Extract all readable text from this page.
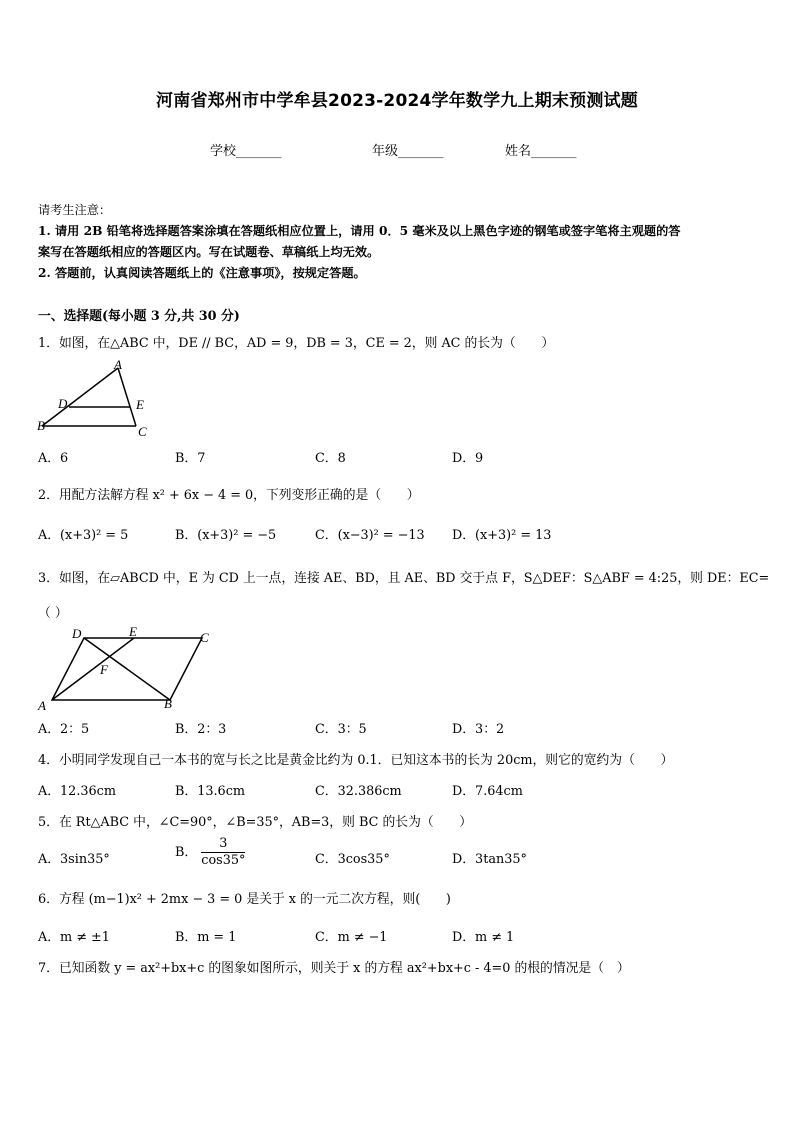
河南省郑州市中学牟县2023-2024学年数学九上期末预测试题
学校_______	年级_______	姓名_______
请考生注意：
1. 请用 2B 铅笔将选择题答案涂填在答题纸相应位置上，请用 0．5 毫米及以上黑色字迹的钢笔或签字笔将主观题的答
案写在答题纸相应的答题区内。写在试题卷、草稿纸上均无效。
2. 答题前，认真阅读答题纸上的《注意事项》，按规定答题。
一、选择题(每小题 3 分,共 30 分)
1．如图，在△ABC 中，DE // BC，AD = 9，DB = 3，CE = 2，则 AC 的长为（　　）
A
D	E
B	C
A．6	B．7	C．8	D．9
2．用配方法解方程 x² + 6x − 4 = 0，下列变形正确的是（　　）
A．(x+3)² = 5	B．(x+3)² = −5	C．(x−3)² = −13 D．(x+3)² = 13
3．如图，在▱ABCD 中，E 为 CD 上一点，连接 AE、BD，且 AE、BD 交于点 F，S△DEF：S△ABF = 4:25，则 DE：EC=
（ ）
D	E	C
F
A	B
A．2：5	B．2：3	C．3：5	D．3：2
4．小明同学发现自己一本书的宽与长之比是黄金比约为 0.1．已知这本书的长为 20cm，则它的宽约为（　　）
A．12.36cm	B．13.6cm	C．32.386cm	D．7.64cm
5．在 Rt△ABC 中，∠C=90°，∠B=35°，AB=3，则 BC 的长为（　　）
A．3sin35°	B． $\frac{3}{\cos 35^\circ}$	C．3cos35°	D．3tan35°
6．方程 (m−1)x² + 2mx − 3 = 0 是关于 x 的一元二次方程，则(　　)
A．m ≠ ±1	B．m = 1	C．m ≠ −1	D．m ≠ 1
7．已知函数 y = ax²+bx+c 的图象如图所示，则关于 x 的方程 ax²+bx+c - 4=0 的根的情况是（　）
